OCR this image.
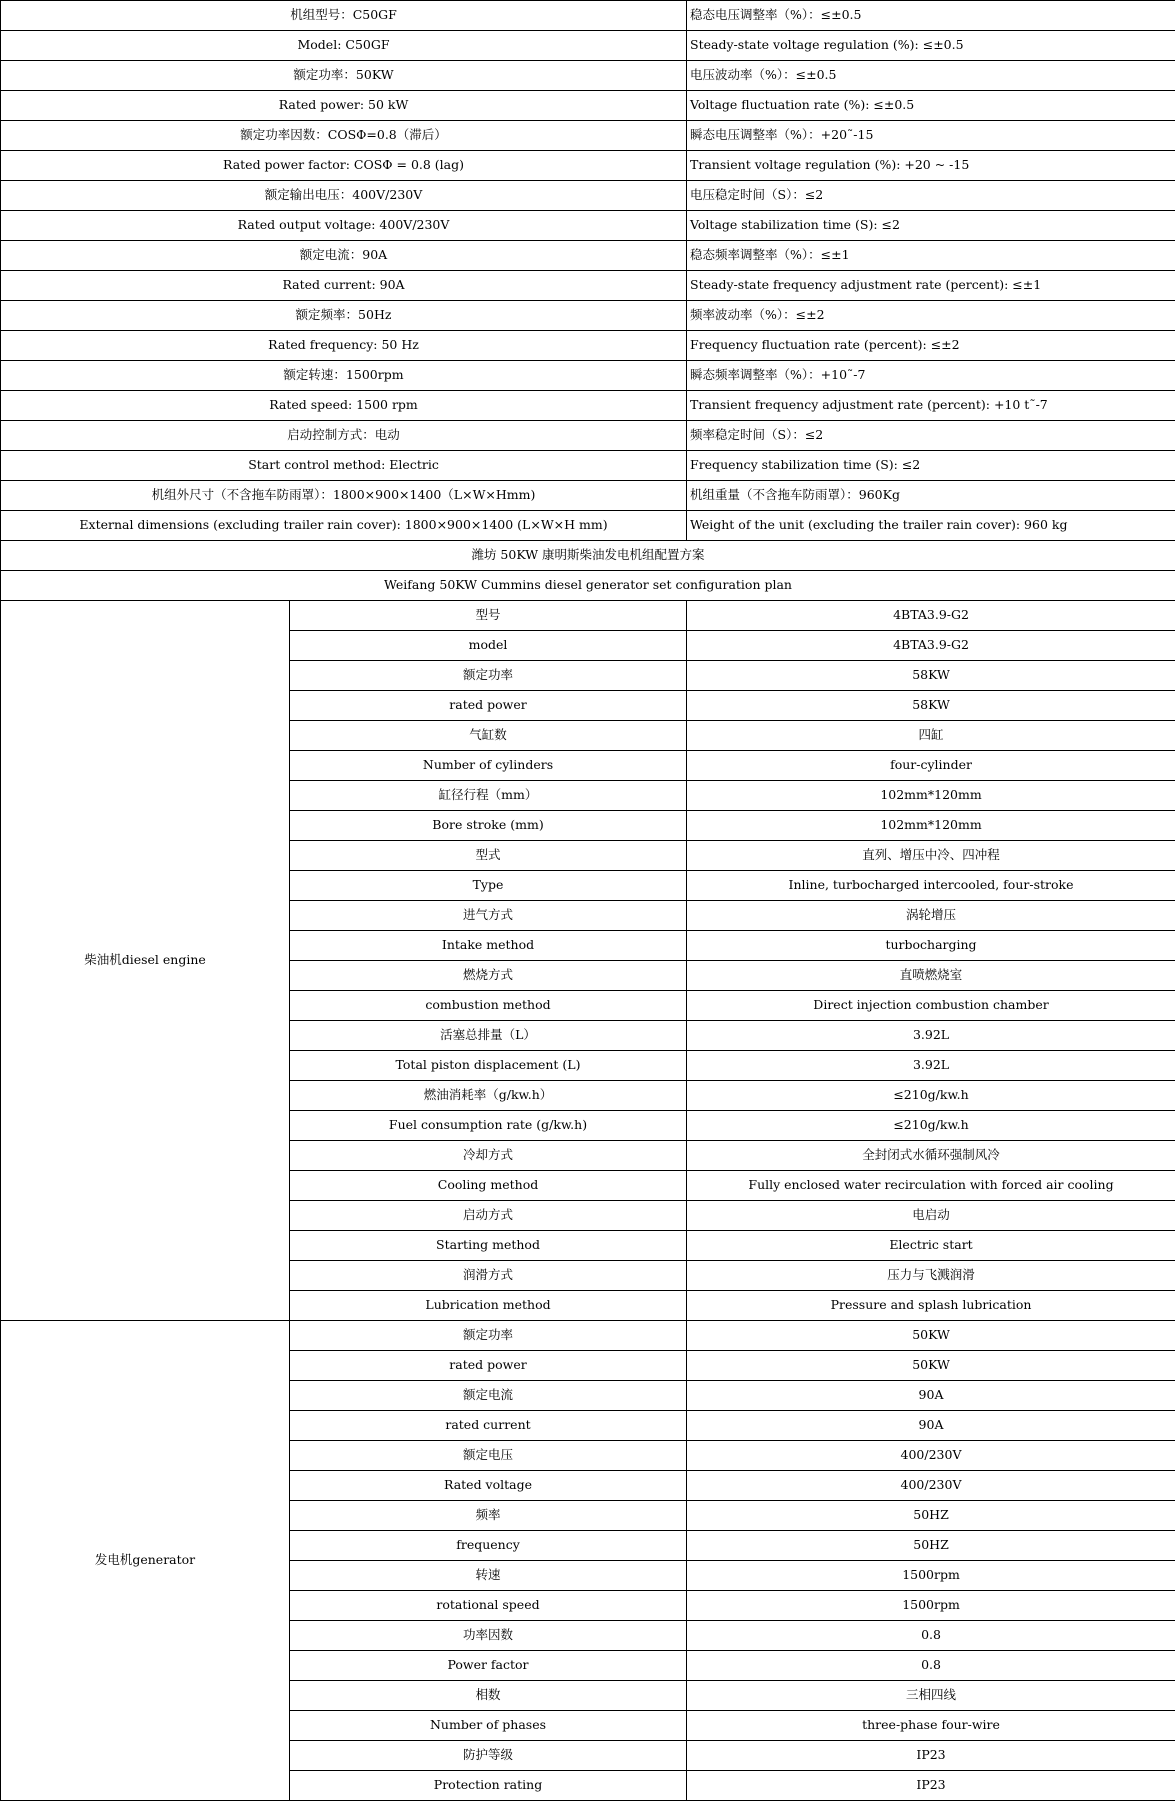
机组型号：C50GF		稳态电压调整率（%）：≤±0.5
Model: C50GF		Steady-state voltage regulation (%): ≤±0.5
额定功率：50KW		电压波动率（%）：≤±0.5
Rated power: 50 kW		Voltage fluctuation rate (%): ≤±0.5
额定功率因数：COSΦ=0.8（滞后）		瞬态电压调整率（%）：+20˜-15
Rated power factor: COSΦ = 0.8 (lag)		Transient voltage regulation (%): +20 ~ -15
额定输出电压：400V/230V		电压稳定时间（S）：≤2
Rated output voltage: 400V/230V		Voltage stabilization time (S): ≤2
额定电流：90A		稳态频率调整率（%）：≤±1
Rated current: 90A		Steady-state frequency adjustment rate (percent): ≤±1
额定频率：50Hz		频率波动率（%）：≤±2
Rated frequency: 50 Hz		Frequency fluctuation rate (percent): ≤±2
额定转速：1500rpm		瞬态频率调整率（%）：+10˜-7
Rated speed: 1500 rpm		Transient frequency adjustment rate (percent): +10 t˜-7
启动控制方式：电动		频率稳定时间（S）：≤2
Start control method: Electric		Frequency stabilization time (S): ≤2
机组外尺寸（不含拖车防雨罩）：1800×900×1400（L×W×Hmm)		机组重量（不含拖车防雨罩）：960Kg
External dimensions (excluding trailer rain cover): 1800×900×1400 (L×W×H mm)		Weight of the unit (excluding the trailer rain cover): 960 kg
潍坊 50KW 康明斯柴油发电机组配置方案		
Weifang 50KW Cummins diesel generator set configuration plan		
柴油机diesel engine	型号	4BTA3.9-G2
	model	4BTA3.9-G2
	额定功率	58KW
	rated power	58KW
	气缸数	四缸
	Number of cylinders	four-cylinder
	缸径行程（mm）	102mm*120mm
	Bore stroke (mm)	102mm*120mm
	型式	直列、增压中冷、四冲程
	Type	Inline, turbocharged intercooled, four-stroke
	进气方式	涡轮增压
	Intake method	turbocharging
	燃烧方式	直喷燃烧室
	combustion method	Direct injection combustion chamber
	活塞总排量（L）	3.92L
	Total piston displacement (L)	3.92L
	燃油消耗率（g/kw.h）	≤210g/kw.h
	Fuel consumption rate (g/kw.h)	≤210g/kw.h
	冷却方式	全封闭式水循环强制风冷
	Cooling method	Fully enclosed water recirculation with forced air cooling
	启动方式	电启动
	Starting method	Electric start
	润滑方式	压力与飞溅润滑
	Lubrication method	Pressure and splash lubrication
发电机generator	额定功率	50KW
	rated power	50KW
	额定电流	90A
	rated current	90A
	额定电压	400/230V
	Rated voltage	400/230V
	频率	50HZ
	frequency	50HZ
	转速	1500rpm
	rotational speed	1500rpm
	功率因数	0.8
	Power factor	0.8
	相数	三相四线
	Number of phases	three-phase four-wire
	防护等级	IP23
	Protection rating	IP23
